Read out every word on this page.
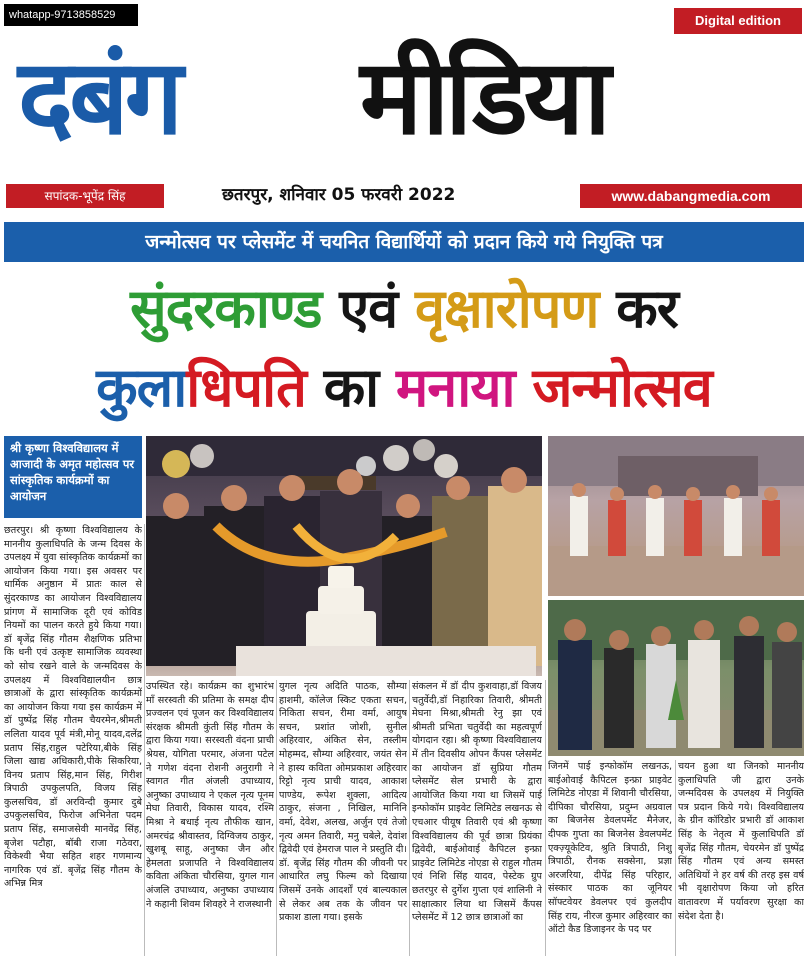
whatapp-9713858529	Digital edition
दबंग मीडिया
सपांदक-भूपेंद्र सिंह	छतरपुर, शनिवार 05 फरवरी 2022	www.dabangmedia.com
जन्मोत्सव पर प्लेसमेंट में चयनित विद्यार्थियों को प्रदान किये गये नियुक्ति पत्र
सुंदरकाण्ड एवं वृक्षारोपण कर
कुलाधिपति का मनाया जन्मोत्सव
श्री कृष्णा विश्वविद्यालय में आजादी के अमृत महोत्सव पर सांस्कृतिक कार्यक्रमों का आयोजन
छतरपुर। श्री कृष्णा विश्वविद्यालय के माननीय कुलाधिपति के जन्म दिवस के उपलक्ष्य में युवा सांस्कृतिक कार्यक्रमों का आयोजन किया गया। इस अवसर पर धार्मिक अनुष्ठान में प्रातः काल से सुंदरकाण्ड का आयोजन विश्वविद्यालय प्रांगण में सामाजिक दूरी एवं कोविड नियमों का पालन करते हुये किया गया। डॉ बृजेंद्र सिंह गौतम शैक्षणिक प्रतिभा कि धनी एवं उत्कृष्ट सामाजिक व्यवस्था को सोच रखने वाले के जन्मदिवस के उपलक्ष्य में विश्वविद्यालयीन छात्र छात्राओं के द्वारा सांस्कृतिक कार्यक्रमों का आयोजन किया गया इस कार्यक्रम में डॉ पुष्पेंद्र सिंह गौतम चैयरमेन,श्रीमती ललिता यादव पूर्व मंत्री,मोनू यादव,दलेंद्र प्रताप सिंह,राहुल पटेरिया,बीके सिंह जिला खाद्य अधिकारी,पीके सिकरिया, विनय प्रताप सिंह,मान सिंह, गिरीश त्रिपाठी उपकुलपति, विजय सिंह कुलसचिव, डॉ अरविन्दी कुमार दुबे उपकुलसचिव, फिरोज अभिनेता पदम प्रताप सिंह, समाजसेवी मानवेंद्र सिंह, बृजेश पटौहा, बॉबी राजा गठेवरा, विकेश्वी भैया सहित शहर गणमान्य नागरिक एवं डॉ. बृजेंद्र सिंह गौतम के अभिन्न मित्र
उपस्थित रहे। कार्यक्रम का शुभारंभ माँ सरस्वती की प्रतिमा के समक्ष दीप प्रज्वलन एवं पूजन कर विश्वविद्यालय संरक्षक श्रीमती कुंती सिंह गौतम के द्वारा किया गया। सरस्वती वंदना प्राची श्रेयस, योगिता परमार, अंजना पटेल ने गणेश वंदना रोशनी अनुरागी ने स्वागत गीत अंजली उपाध्याय, अनुष्का उपाध्याय ने एकल नृत्य पूनम मेघा तिवारी, विकास यादव, रश्मि मिश्रा ने बधाई नृत्य तौफीक खान, अमरचंद्र श्रीवास्तव, दिग्विजय ठाकुर, खुशबू साहू, अनुष्का जैन और हेमलता प्रजापति ने विश्वविद्यालय कविता अंकिता चौरसिया, युगल गान अंजलि उपाध्याय, अनुष्का उपाध्याय ने कहानी शिवम शिवहरे ने राजस्थानी
युगल नृत्य अदिति पाठक, सौम्या हाशमी, कॉलेज स्किट एकता सचन, निकिता सचन, रीमा वर्मा, आयुष सचन, प्रशांत जोशी, सुनील अहिरवार, अंकित सेन, तस्लीम मोहम्मद, सौम्या अहिरवार, जयंत सेन ने हास्य कविता ओमप्रकाश अहिरवार रिट्टो नृत्य प्राची यादव, आकाश पाण्डेय, रूपेश शुक्ला, आदित्य ठाकुर, संजना , निखिल, मानिनि वर्मा, देवेश, अलख, अर्जुन एवं तेजो नृत्य अमन तिवारी, मनु चबेले, देवांश द्विवेदी एवं हेमराज पाल ने प्रस्तुति दी। डॉ. बृजेंद्र सिंह गौतम की जीवनी पर आधारित लघु फिल्म को दिखाया जिसमें उनके आदर्शों एवं बाल्यकाल से लेकर अब तक के जीवन पर प्रकाश डाला गया। इसके
संकलन में डॉ दीप कुशवाहा,डॉ विजय चतुर्वेदी,डॉ निहारिका तिवारी, श्रीमती मेघना मिश्रा,श्रीमती रेनु झा एवं श्रीमती प्रभिता चतुर्वेदी का महत्वपूर्ण योगदान रहा। श्री कृष्णा विश्वविद्यालय में तीन दिवसीय ओपन कैंपस प्लेसमेंट का आयोजन डॉ सुप्रिया गौतम प्लेसमेंट सेल प्रभारी के द्वारा आयोजित किया गया था जिसमें पाई इन्फोकॉम प्राइवेट लिमिटेड लखनऊ से एचआर पीयूष तिवारी एवं श्री कृष्णा विश्वविद्यालय की पूर्व छात्रा प्रियंका द्विवेदी, बाईओवाई कैपिटल इन्फ्रा प्राइवेट लिमिटेड नोएडा से राहुल गौतम एवं निशि सिंह यादव, पेस्टेक ग्रुप छतरपुर से दुर्गेश गुप्ता एवं शालिनी ने साक्षात्कार लिया था जिसमें कैंपस प्लेसमेंट में 12 छात्र छात्राओं का
जिनमें पाई इन्फोकॉम लखनऊ, बाईओवाई कैपिटल इन्फ्रा प्राइवेट लिमिटेड नोएडा में शिवानी चौरसिया, दीपिका चौरसिया, प्रदुम्न अग्रवाल का बिजनेस डेवलपमेंट मैनेजर, दीपक गुप्ता का बिजनेस डेवलपमेंट एक्ज़्यूकेटिव, श्रुति त्रिपाठी, निशु त्रिपाठी, रौनक सक्सेना, प्रज्ञा अरजरिया, दीपेंद्र सिंह परिहार, संस्कार पाठक का जूनियर सॉफ्टवेयर डेवलपर एवं कुलदीप सिंह राय, नीरज कुमार अहिरवार का ऑटो कैड डिजाइनर के पद पर
चयन हुआ था जिनको माननीय कुलाधिपति जी द्वारा उनके जन्मदिवस के उपलक्ष्य में नियुक्ति पत्र प्रदान किये गये। विश्वविद्यालय के ग्रीन कॉरिडोर प्रभारी डॉ आकाश सिंह के नेतृत्व में कुलाधिपति डॉ बृजेंद्र सिंह गौतम, चेयरमेन डॉ पुष्पेंद्र सिंह गौतम एवं अन्य समस्त अतिथियों ने हर वर्ष की तरह इस वर्ष भी वृक्षारोपण किया जो हरित वातावरण में पर्यावरण सुरक्षा का संदेश देता है।
